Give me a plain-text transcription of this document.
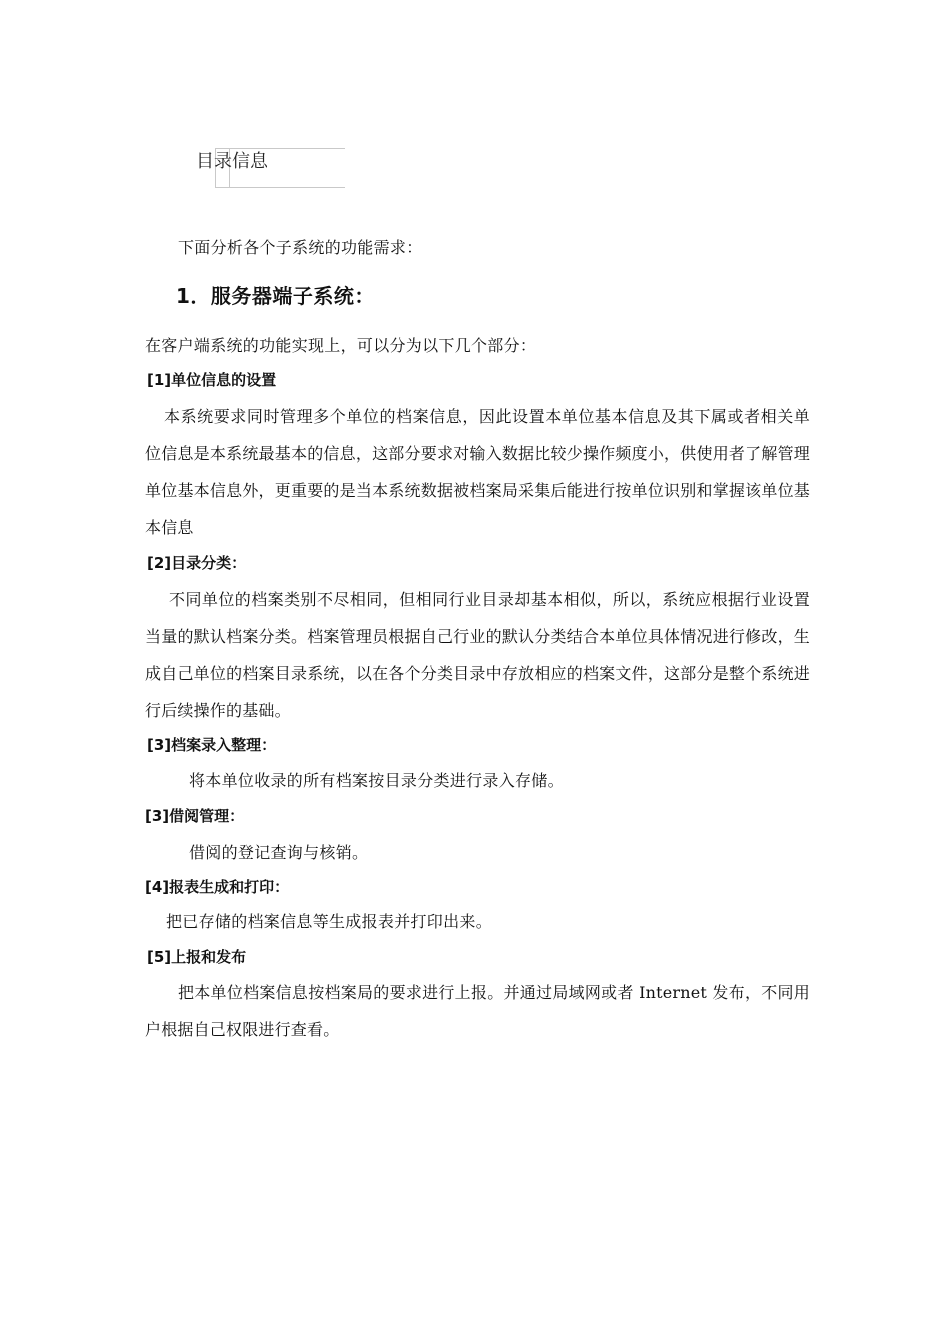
目录信息
下面分析各个子系统的功能需求：
1．服务器端子系统：
在客户端系统的功能实现上，可以分为以下几个部分：
[1]单位信息的设置
本系统要求同时管理多个单位的档案信息，因此设置本单位基本信息及其下属或者相关单位信息是本系统最基本的信息，这部分要求对输入数据比较少操作频度小，供使用者了解管理单位基本信息外，更重要的是当本系统数据被档案局采集后能进行按单位识别和掌握该单位基本信息
[2]目录分类：
不同单位的档案类别不尽相同，但相同行业目录却基本相似，所以，系统应根据行业设置当量的默认档案分类。档案管理员根据自己行业的默认分类结合本单位具体情况进行修改，生成自己单位的档案目录系统，以在各个分类目录中存放相应的档案文件，这部分是整个系统进行后续操作的基础。
[3]档案录入整理：
将本单位收录的所有档案按目录分类进行录入存储。
[3]借阅管理：
借阅的登记查询与核销。
[4]报表生成和打印：
把已存储的档案信息等生成报表并打印出来。
[5]上报和发布
把本单位档案信息按档案局的要求进行上报。并通过局域网或者 Internet 发布，不同用户根据自己权限进行查看。
